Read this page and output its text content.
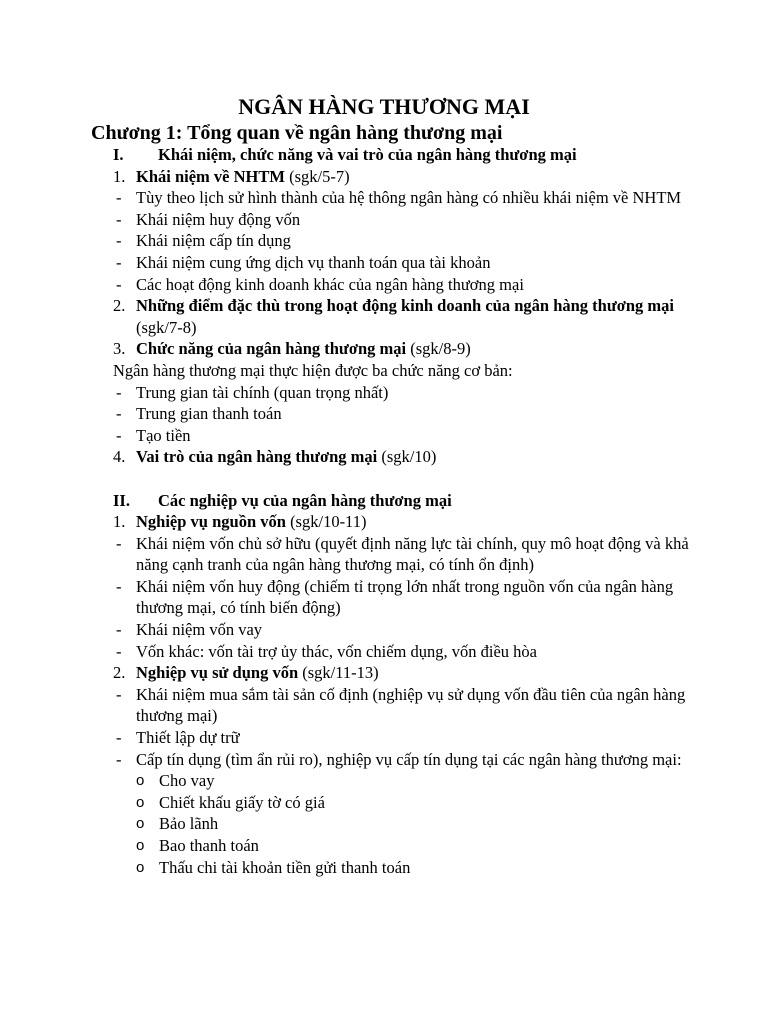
NGÂN HÀNG THƯƠNG MẠI
Chương 1: Tổng quan về ngân hàng thương mại
I.	Khái niệm, chức năng và vai trò của ngân hàng thương mại
1. Khái niệm về NHTM (sgk/5-7)
- Tùy theo lịch sử hình thành của hệ thông ngân hàng có nhiều khái niệm về NHTM
- Khái niệm huy động vốn
- Khái niệm cấp tín dụng
- Khái niệm cung ứng dịch vụ thanh toán qua tài khoản
- Các hoạt động kinh doanh khác của ngân hàng thương mại
2. Những điểm đặc thù trong hoạt động kinh doanh của ngân hàng thương mại (sgk/7-8)
3. Chức năng của ngân hàng thương mại (sgk/8-9)
Ngân hàng thương mại thực hiện được ba chức năng cơ bản:
- Trung gian tài chính (quan trọng nhất)
- Trung gian thanh toán
- Tạo tiền
4. Vai trò của ngân hàng thương mại (sgk/10)
II.	Các nghiệp vụ của ngân hàng thương mại
1. Nghiệp vụ nguồn vốn (sgk/10-11)
- Khái niệm vốn chủ sở hữu (quyết định năng lực tài chính, quy mô hoạt động và khả năng cạnh tranh của ngân hàng thương mại, có tính ổn định)
- Khái niệm vốn huy động (chiếm tỉ trọng lớn nhất trong nguồn vốn của ngân hàng thương mại, có tính biến động)
- Khái niệm vốn vay
- Vốn khác: vốn tài trợ ủy thác, vốn chiếm dụng, vốn điều hòa
2. Nghiệp vụ sử dụng vốn (sgk/11-13)
- Khái niệm mua sắm tài sản cố định (nghiệp vụ sử dụng vốn đầu tiên của ngân hàng thương mại)
- Thiết lập dự trữ
- Cấp tín dụng (tìm ẩn rủi ro), nghiệp vụ cấp tín dụng tại các ngân hàng thương mại:
o Cho vay
o Chiết khấu giấy tờ có giá
o Bảo lãnh
o Bao thanh toán
o Thấu chi tài khoản tiền gửi thanh toán
